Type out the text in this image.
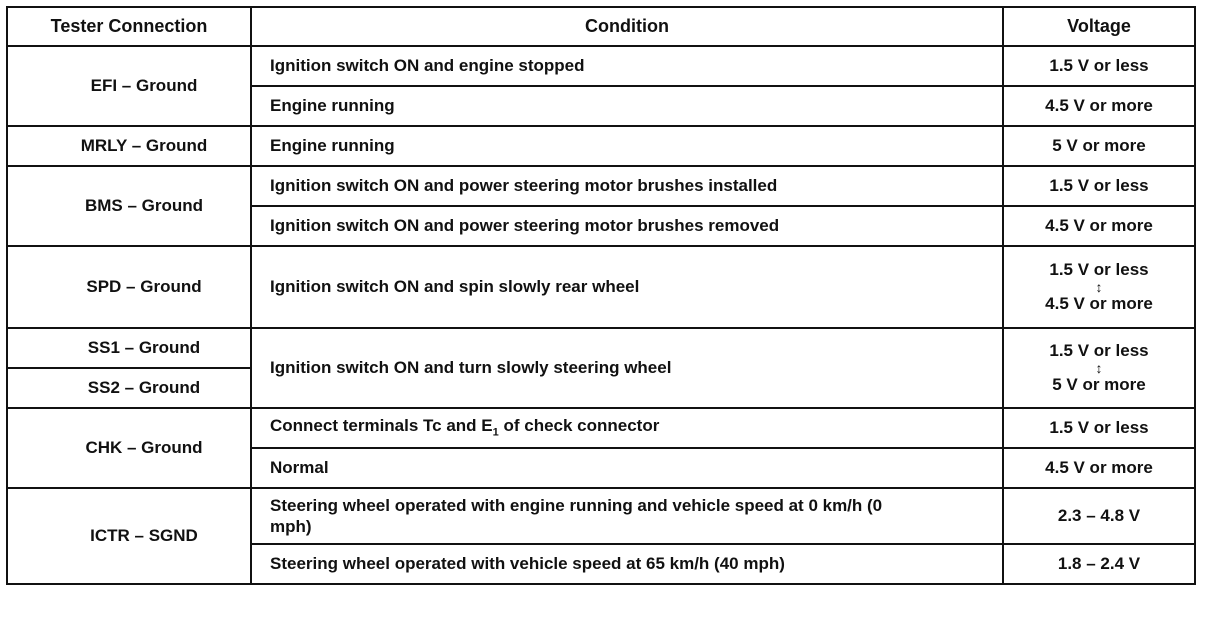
Tester Connection	Condition	Voltage
EFI – Ground	Ignition switch ON and engine stopped	1.5 V or less
	Engine running	4.5 V or more
MRLY – Ground	Engine running	5 V or more
BMS – Ground	Ignition switch ON and power steering motor brushes installed	1.5 V or less
	Ignition switch ON and power steering motor brushes removed	4.5 V or more
SPD – Ground	Ignition switch ON and spin slowly rear wheel	1.5 V or less
↕
4.5 V or more

SS1 – Ground	Ignition switch ON and turn slowly steering wheel	1.5 V or less
↕
5 V or more

SS2 – Ground		
CHK – Ground	Connect terminals Tc and $E_1$ of check connector	1.5 V or less
	Normal	4.5 V or more
ICTR – SGND	Steering wheel operated with engine running and vehicle speed at 0 km/h (0 mph)	2.3 – 4.8 V
	Steering wheel operated with vehicle speed at 65 km/h (40 mph)	1.8 – 2.4 V
